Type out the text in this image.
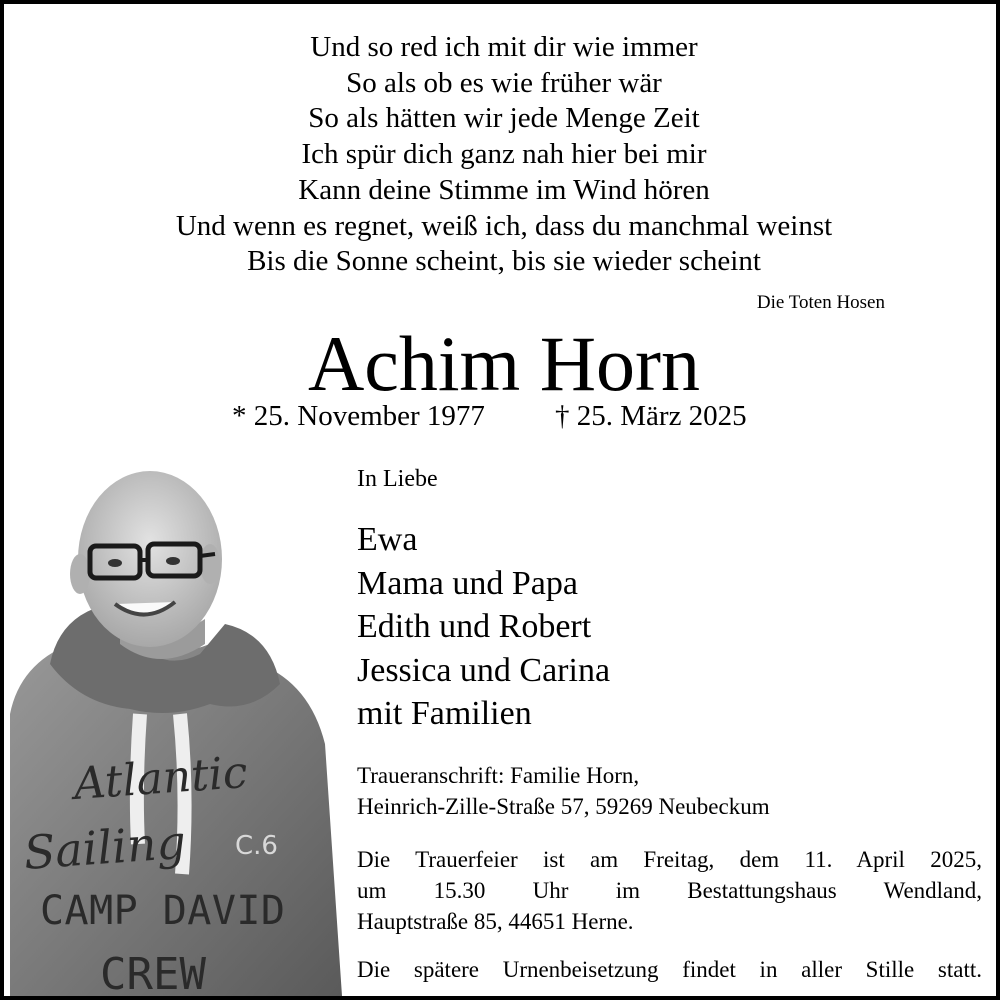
Und so red ich mit dir wie immer
So als ob es wie früher wär
So als hätten wir jede Menge Zeit
Ich spür dich ganz nah hier bei mir
Kann deine Stimme im Wind hören
Und wenn es regnet, weiß ich, dass du manchmal weinst
Bis die Sonne scheint, bis sie wieder scheint
Die Toten Hosen
Achim Horn
* 25. November 1977 † 25. März 2025
Atlantic
Sailing C.6
CAMP DAVID
CREW
In Liebe
Ewa
Mama und Papa
Edith und Robert
Jessica und Carina
mit Familien
Traueranschrift: Familie Horn,
Heinrich-Zille-Straße 57, 59269 Neubeckum
Die Trauerfeier ist am Freitag, dem 11. April 2025,
um 15.30 Uhr im Bestattungshaus Wendland,
Hauptstraße 85, 44651 Herne.
Die spätere Urnenbeisetzung findet in aller Stille statt.
